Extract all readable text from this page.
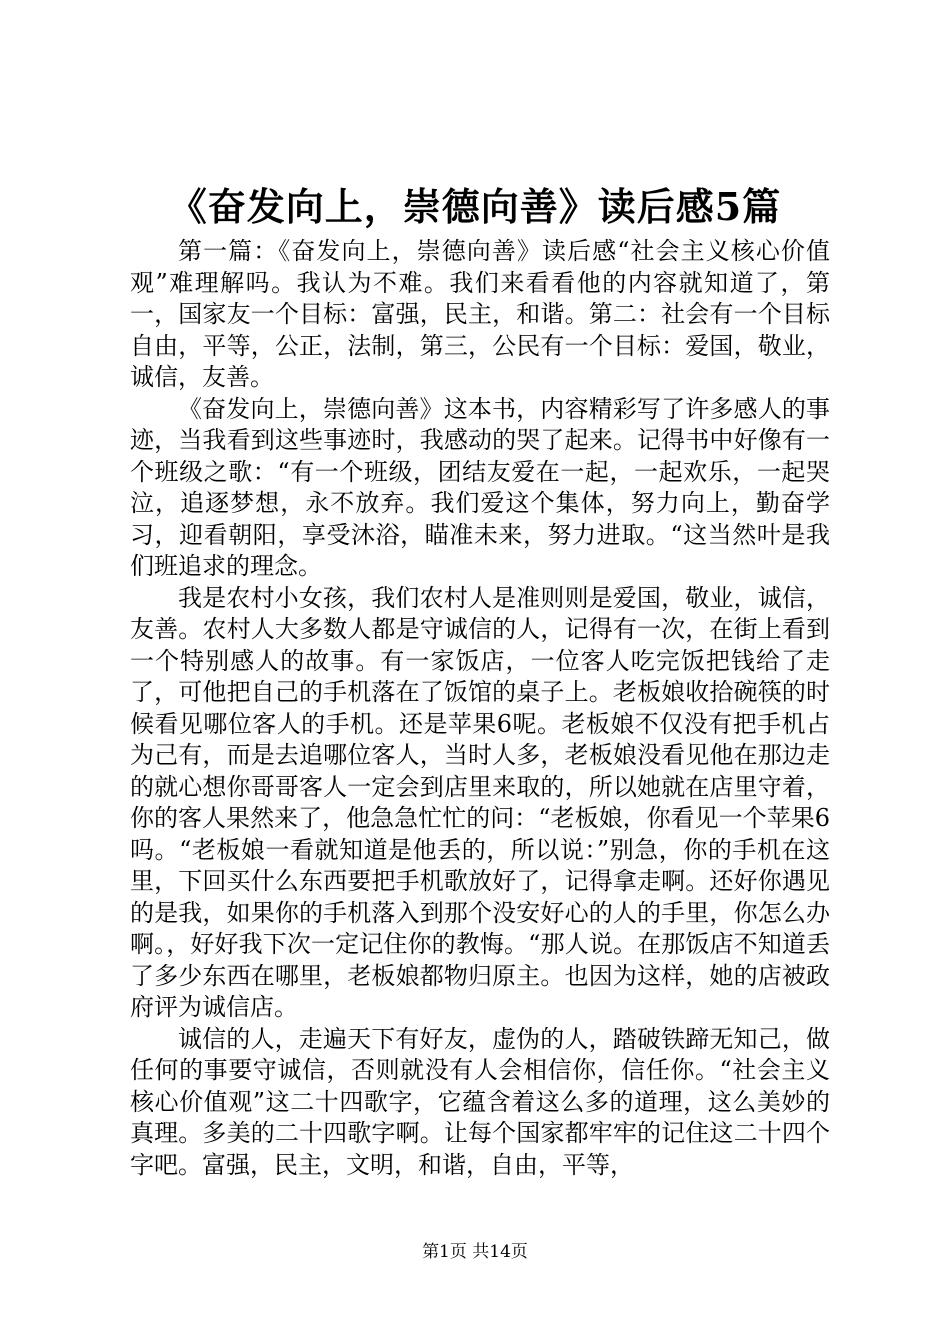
《奋发向上，崇德向善》读后感5篇

第一篇：《奋发向上，崇德向善》读后感“社会主义核心价值观”难理解吗。我认为不难。我们来看看他的内容就知道了，第一，国家友一个目标：富强，民主，和谐。第二：社会有一个目标自由，平等，公正，法制，第三，公民有一个目标：爱国，敬业，诚信，友善。

《奋发向上，崇德向善》这本书，内容精彩写了许多感人的事迹，当我看到这些事迹时，我感动的哭了起来。记得书中好像有一个班级之歌：“有一个班级，团结友爱在一起，一起欢乐，一起哭泣，追逐梦想，永不放弃。我们爱这个集体，努力向上，勤奋学习，迎看朝阳，享受沐浴，瞄准未来，努力进取。“这当然叶是我们班追求的理念。

我是农村小女孩，我们农村人是准则则是爱国，敬业，诚信，友善。农村人大多数人都是守诚信的人，记得有一次，在街上看到一个特别感人的故事。有一家饭店，一位客人吃完饭把钱给了走了，可他把自己的手机落在了饭馆的桌子上。老板娘收拾碗筷的时候看见哪位客人的手机。还是苹果6呢。老板娘不仅没有把手机占为己有，而是去追哪位客人，当时人多，老板娘没看见他在那边走的就心想你哥哥客人一定会到店里来取的，所以她就在店里守着，你的客人果然来了，他急急忙忙的问：“老板娘，你看见一个苹果6吗。“老板娘一看就知道是他丢的，所以说：”别急，你的手机在这里，下回买什么东西要把手机歌放好了，记得拿走啊。还好你遇见的是我，如果你的手机落入到那个没安好心的人的手里，你怎么办啊。，好好我下次一定记住你的教悔。“那人说。在那饭店不知道丢了多少东西在哪里，老板娘都物归原主。也因为这样，她的店被政府评为诚信店。

诚信的人，走遍天下有好友，虚伪的人，踏破铁蹄无知己，做任何的事要守诚信，否则就没有人会相信你，信任你。“社会主义核心价值观”这二十四歌字，它蕴含着这么多的道理，这么美妙的真理。多美的二十四歌字啊。让每个国家都牢牢的记住这二十四个字吧。富强，民主，文明，和谐，自由，平等，

第1页 共14页
